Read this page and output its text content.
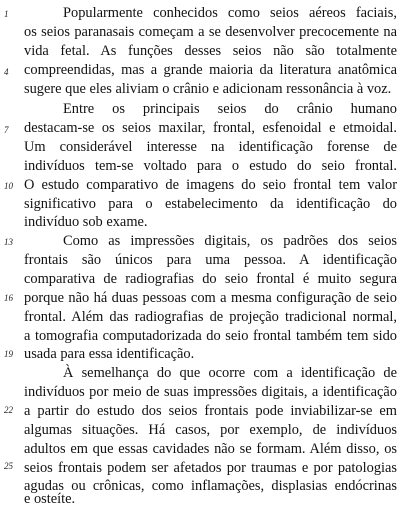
1
4
7
10
13
16
19
22
25
Popularmente conhecidos como seios aéreos faciais,
os seios paranasais começam a se desenvolver precocemente na
vida fetal. As funções desses seios não são totalmente
compreendidas, mas a grande maioria da literatura anatômica
sugere que eles aliviam o crânio e adicionam ressonância à voz.
Entre os principais seios do crânio humano
destacam-se os seios maxilar, frontal, esfenoidal e etmoidal.
Um considerável interesse na identificação forense de
indivíduos tem-se voltado para o estudo do seio frontal.
O estudo comparativo de imagens do seio frontal tem valor
significativo para o estabelecimento da identificação do
indivíduo sob exame.
Como as impressões digitais, os padrões dos seios
frontais são únicos para uma pessoa. A identificação
comparativa de radiografias do seio frontal é muito segura
porque não há duas pessoas com a mesma configuração de seio
frontal. Além das radiografias de projeção tradicional normal,
a tomografia computadorizada do seio frontal também tem sido
usada para essa identificação.
À semelhança do que ocorre com a identificação de
indivíduos por meio de suas impressões digitais, a identificação
a partir do estudo dos seios frontais pode inviabilizar-se em
algumas situações. Há casos, por exemplo, de indivíduos
adultos em que essas cavidades não se formam. Além disso, os
seios frontais podem ser afetados por traumas e por patologias
agudas ou crônicas, como inflamações, displasias endócrinas
e osteíte.
